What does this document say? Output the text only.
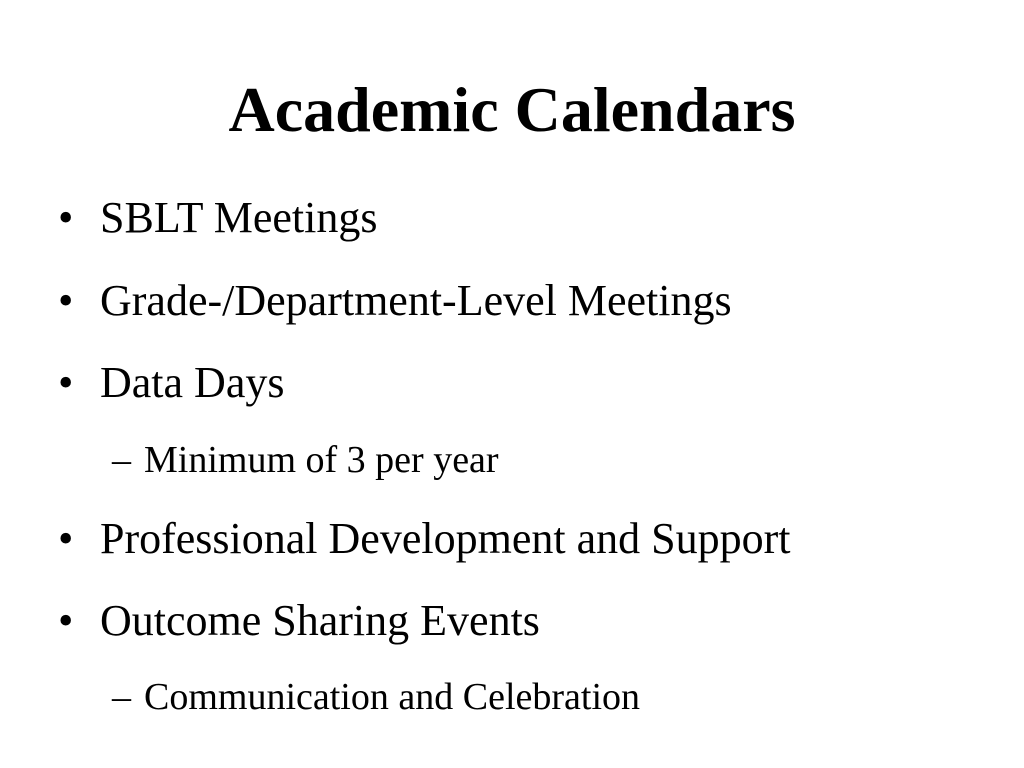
Academic Calendars
• SBLT Meetings
• Grade-/Department-Level Meetings
• Data Days
– Minimum of 3 per year
• Professional Development and Support
• Outcome Sharing Events
– Communication and Celebration
